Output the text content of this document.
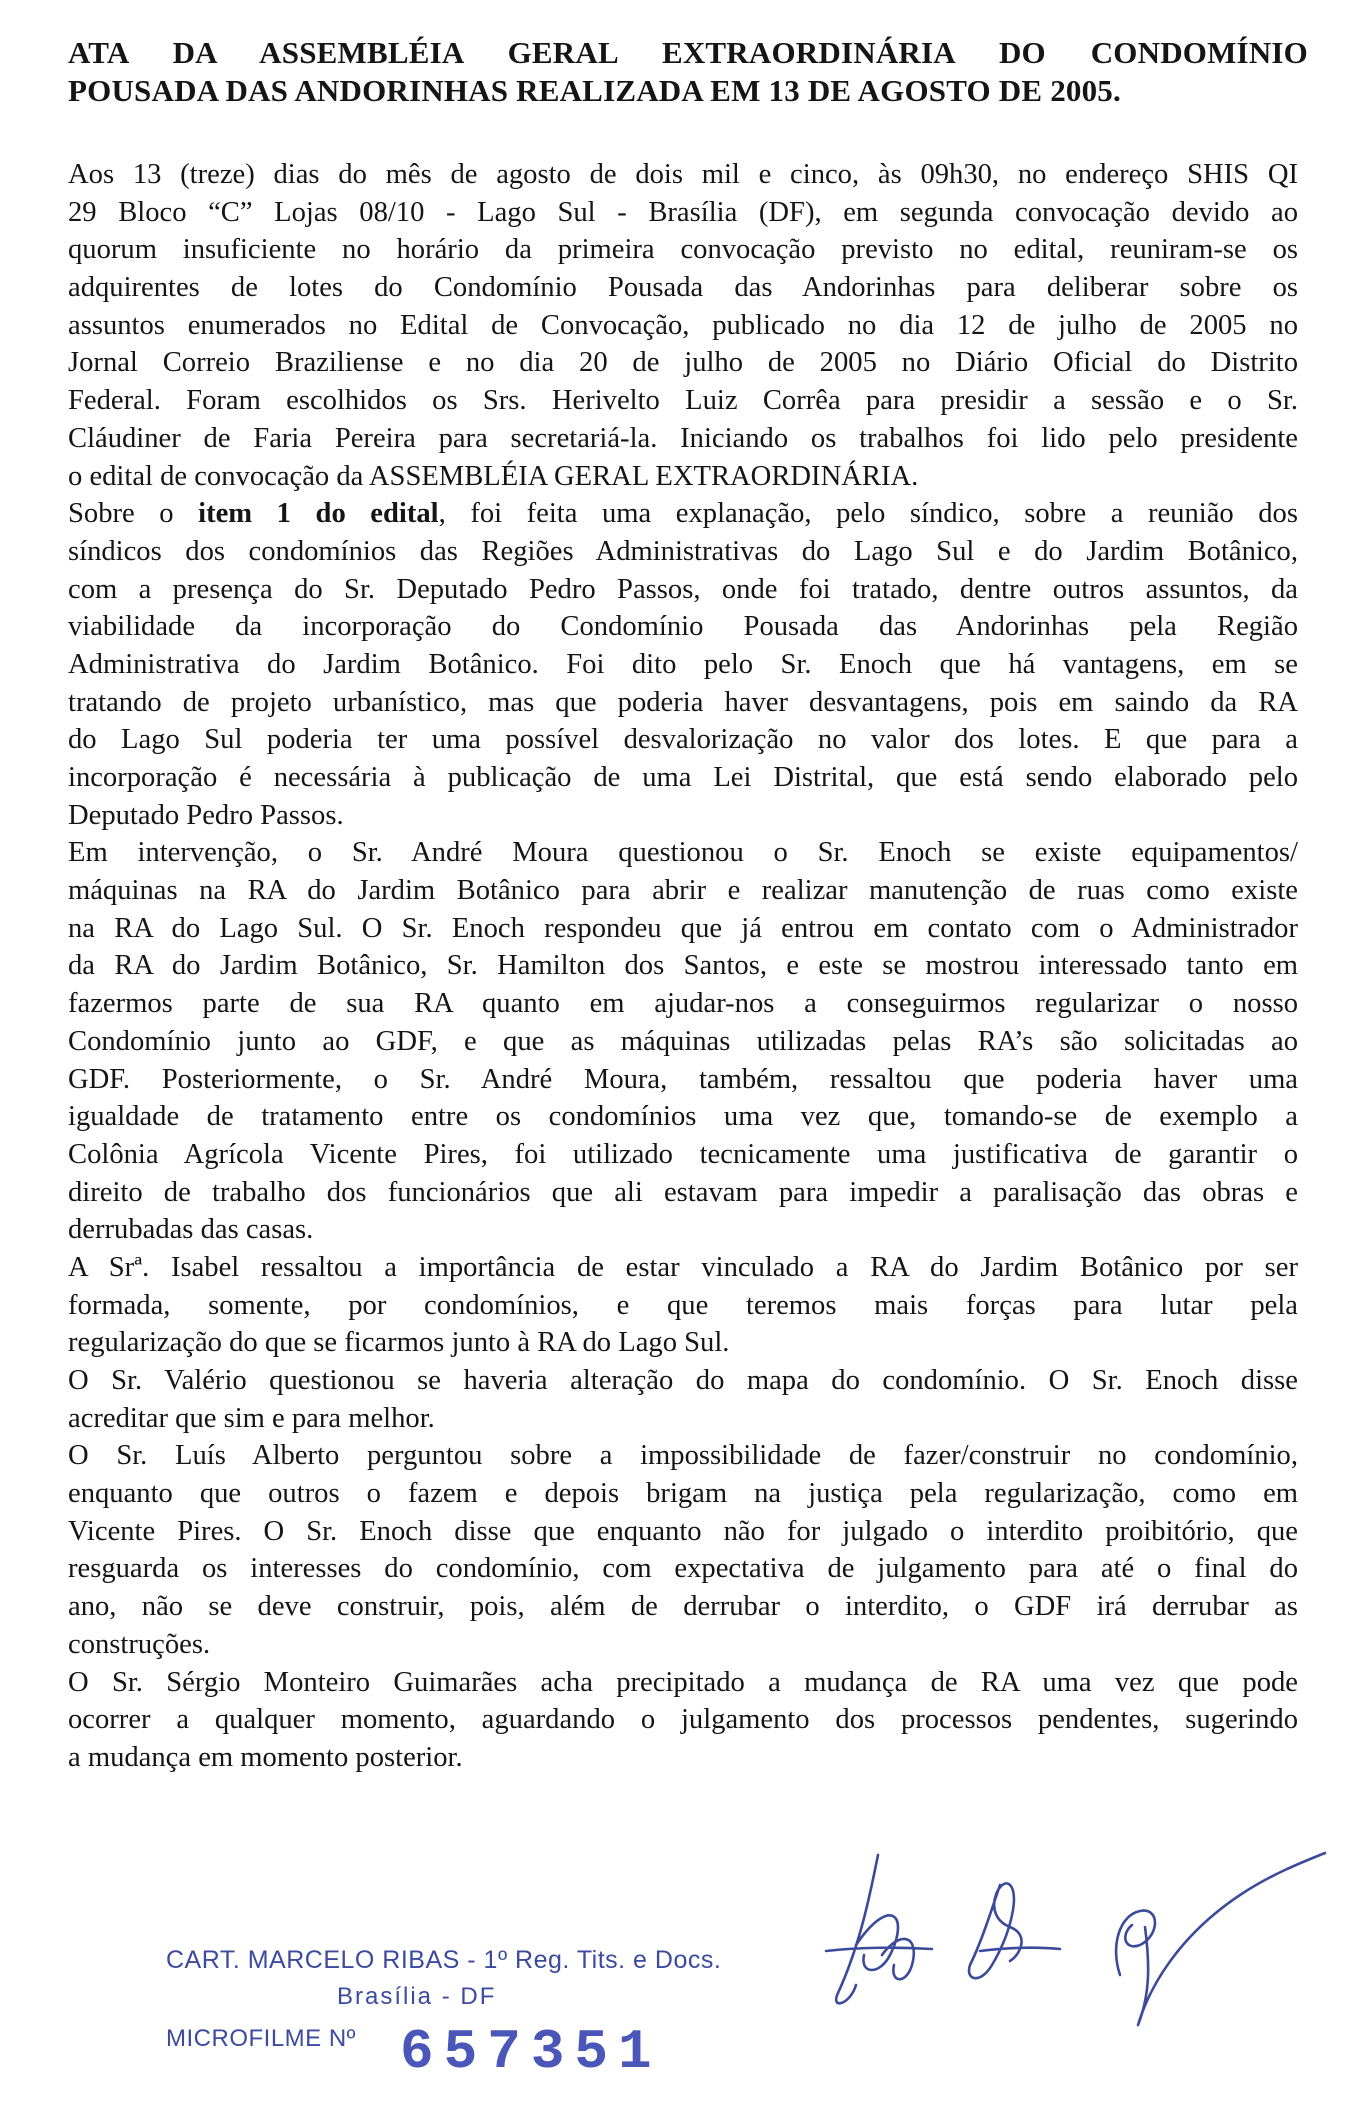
ATA DA ASSEMBLÉIA GERAL EXTRAORDINÁRIA DO CONDOMÍNIO
POUSADA DAS ANDORINHAS REALIZADA EM 13 DE AGOSTO DE 2005.
Aos 13 (treze) dias do mês de agosto de dois mil e cinco, às 09h30, no endereço SHIS QI
29 Bloco “C” Lojas 08/10 - Lago Sul - Brasília (DF), em segunda convocação devido ao
quorum insuficiente no horário da primeira convocação previsto no edital, reuniram-se os
adquirentes de lotes do Condomínio Pousada das Andorinhas para deliberar sobre os
assuntos enumerados no Edital de Convocação, publicado no dia 12 de julho de 2005 no
Jornal Correio Braziliense e no dia 20 de julho de 2005 no Diário Oficial do Distrito
Federal. Foram escolhidos os Srs. Herivelto Luiz Corrêa para presidir a sessão e o Sr.
Cláudiner de Faria Pereira para secretariá-la. Iniciando os trabalhos foi lido pelo presidente
o edital de convocação da ASSEMBLÉIA GERAL EXTRAORDINÁRIA.
Sobre o item 1 do edital, foi feita uma explanação, pelo síndico, sobre a reunião dos
síndicos dos condomínios das Regiões Administrativas do Lago Sul e do Jardim Botânico,
com a presença do Sr. Deputado Pedro Passos, onde foi tratado, dentre outros assuntos, da
viabilidade da incorporação do Condomínio Pousada das Andorinhas pela Região
Administrativa do Jardim Botânico. Foi dito pelo Sr. Enoch que há vantagens, em se
tratando de projeto urbanístico, mas que poderia haver desvantagens, pois em saindo da RA
do Lago Sul poderia ter uma possível desvalorização no valor dos lotes. E que para a
incorporação é necessária à publicação de uma Lei Distrital, que está sendo elaborado pelo
Deputado Pedro Passos.
Em intervenção, o Sr. André Moura questionou o Sr. Enoch se existe equipamentos/
máquinas na RA do Jardim Botânico para abrir e realizar manutenção de ruas como existe
na RA do Lago Sul. O Sr. Enoch respondeu que já entrou em contato com o Administrador
da RA do Jardim Botânico, Sr. Hamilton dos Santos, e este se mostrou interessado tanto em
fazermos parte de sua RA quanto em ajudar-nos a conseguirmos regularizar o nosso
Condomínio junto ao GDF, e que as máquinas utilizadas pelas RA’s são solicitadas ao
GDF. Posteriormente, o Sr. André Moura, também, ressaltou que poderia haver uma
igualdade de tratamento entre os condomínios uma vez que, tomando-se de exemplo a
Colônia Agrícola Vicente Pires, foi utilizado tecnicamente uma justificativa de garantir o
direito de trabalho dos funcionários que ali estavam para impedir a paralisação das obras e
derrubadas das casas.
A Srª. Isabel ressaltou a importância de estar vinculado a RA do Jardim Botânico por ser
formada, somente, por condomínios, e que teremos mais forças para lutar pela
regularização do que se ficarmos junto à RA do Lago Sul.
O Sr. Valério questionou se haveria alteração do mapa do condomínio. O Sr. Enoch disse
acreditar que sim e para melhor.
O Sr. Luís Alberto perguntou sobre a impossibilidade de fazer/construir no condomínio,
enquanto que outros o fazem e depois brigam na justiça pela regularização, como em
Vicente Pires. O Sr. Enoch disse que enquanto não for julgado o interdito proibitório, que
resguarda os interesses do condomínio, com expectativa de julgamento para até o final do
ano, não se deve construir, pois, além de derrubar o interdito, o GDF irá derrubar as
construções.
O Sr. Sérgio Monteiro Guimarães acha precipitado a mudança de RA uma vez que pode
ocorrer a qualquer momento, aguardando o julgamento dos processos pendentes, sugerindo
a mudança em momento posterior.
CART. MARCELO RIBAS - 1º Reg. Tits. e Docs.
Brasília - DF
MICROFILME Nº 657351
